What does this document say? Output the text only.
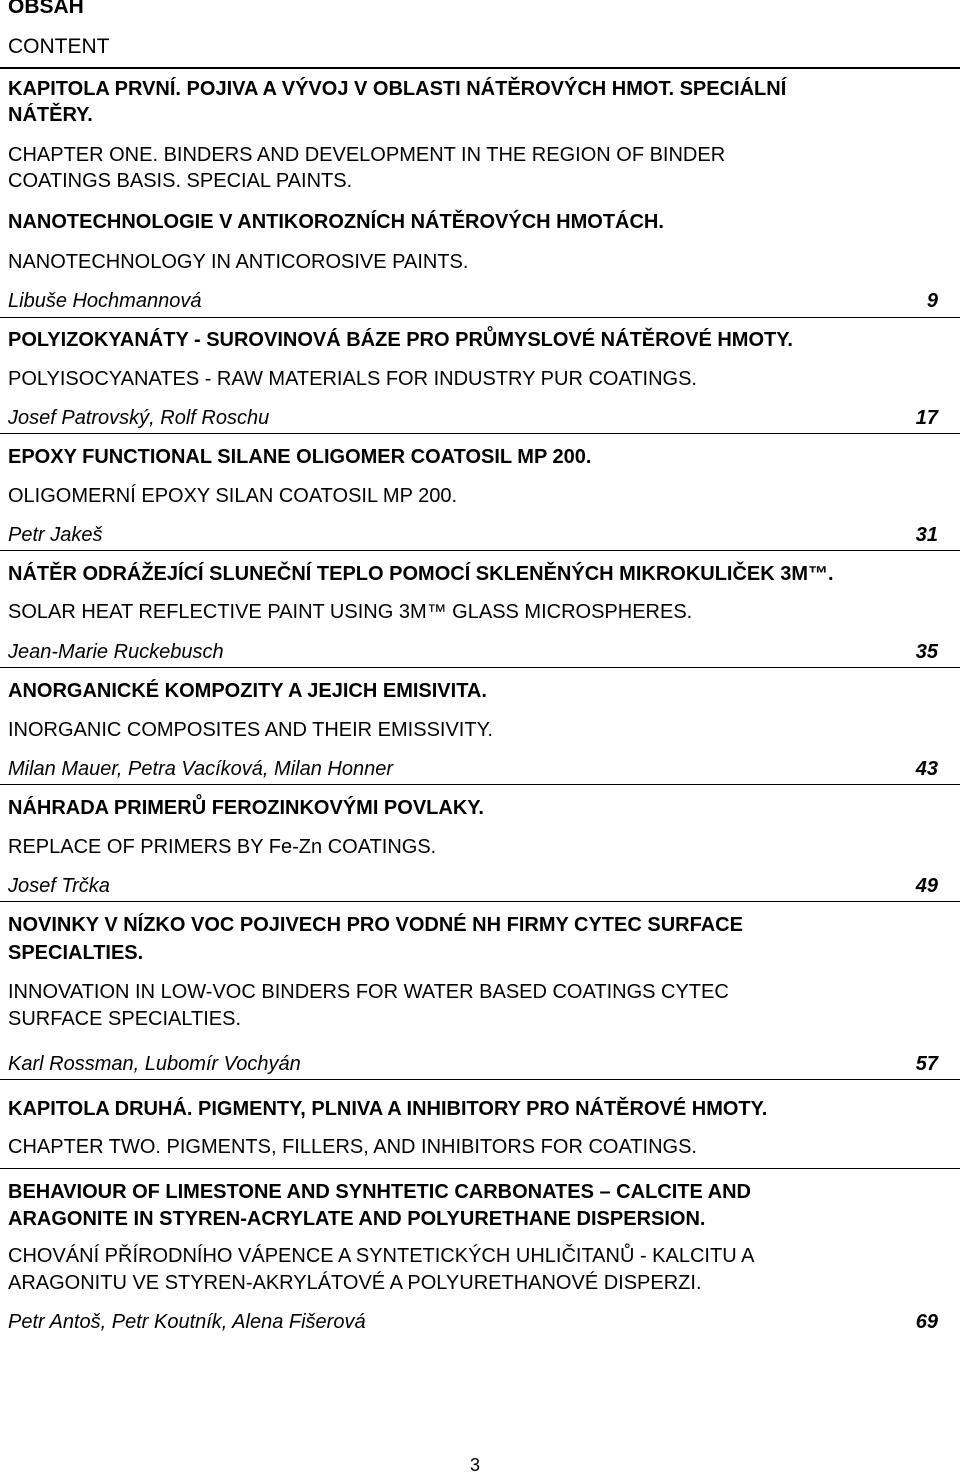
OBSAH
CONTENT
KAPITOLA PRVNÍ. POJIVA A VÝVOJ V OBLASTI NÁTĚROVÝCH HMOT. SPECIÁLNÍ
NÁTĚRY.
CHAPTER ONE. BINDERS AND DEVELOPMENT IN THE REGION OF BINDER
COATINGS BASIS. SPECIAL PAINTS.
NANOTECHNOLOGIE V ANTIKOROZNÍCH NÁTĚROVÝCH HMOTÁCH.
NANOTECHNOLOGY IN ANTICOROSIVE PAINTS.
Libuše Hochmannová	9
POLYIZOKYANÁTY - SUROVINOVÁ BÁZE PRO PRŮMYSLOVÉ NÁTĚROVÉ HMOTY.
POLYISOCYANATES - RAW MATERIALS FOR INDUSTRY PUR COATINGS.
Josef Patrovský, Rolf Roschu	17
EPOXY FUNCTIONAL SILANE OLIGOMER COATOSIL MP 200.
OLIGOMERNÍ EPOXY SILAN COATOSIL MP 200.
Petr Jakeš	31
NÁTĚR ODRÁŽEJÍCÍ SLUNEČNÍ TEPLO POMOCÍ SKLENĚNÝCH MIKROKULIČEK 3M™.
SOLAR HEAT REFLECTIVE PAINT USING 3M™ GLASS MICROSPHERES.
Jean-Marie Ruckebusch	35
ANORGANICKÉ KOMPOZITY A JEJICH EMISIVITA.
INORGANIC COMPOSITES AND THEIR EMISSIVITY.
Milan Mauer, Petra Vacíková, Milan Honner	43
NÁHRADA PRIMERŮ FEROZINKOVÝMI POVLAKY.
REPLACE OF PRIMERS BY Fe-Zn COATINGS.
Josef Trčka	49
NOVINKY V NÍZKO VOC POJIVECH PRO VODNÉ NH FIRMY CYTEC SURFACE
SPECIALTIES.
INNOVATION IN LOW-VOC BINDERS FOR WATER BASED COATINGS CYTEC
SURFACE SPECIALTIES.
Karl Rossman, Lubomír Vochyán	57
KAPITOLA DRUHÁ. PIGMENTY, PLNIVA A INHIBITORY PRO NÁTĚROVÉ HMOTY.
CHAPTER TWO. PIGMENTS, FILLERS, AND INHIBITORS FOR COATINGS.
BEHAVIOUR OF LIMESTONE AND SYNHTETIC CARBONATES – CALCITE AND
ARAGONITE IN STYREN-ACRYLATE AND POLYURETHANE DISPERSION.
CHOVÁNÍ PŘÍRODNÍHO VÁPENCE A SYNTETICKÝCH UHLIČITANŮ - KALCITU A
ARAGONITU VE STYREN-AKRYLÁTOVÉ A POLYURETHANOVÉ DISPERZI.
Petr Antoš, Petr Koutník, Alena Fišerová	69
3
